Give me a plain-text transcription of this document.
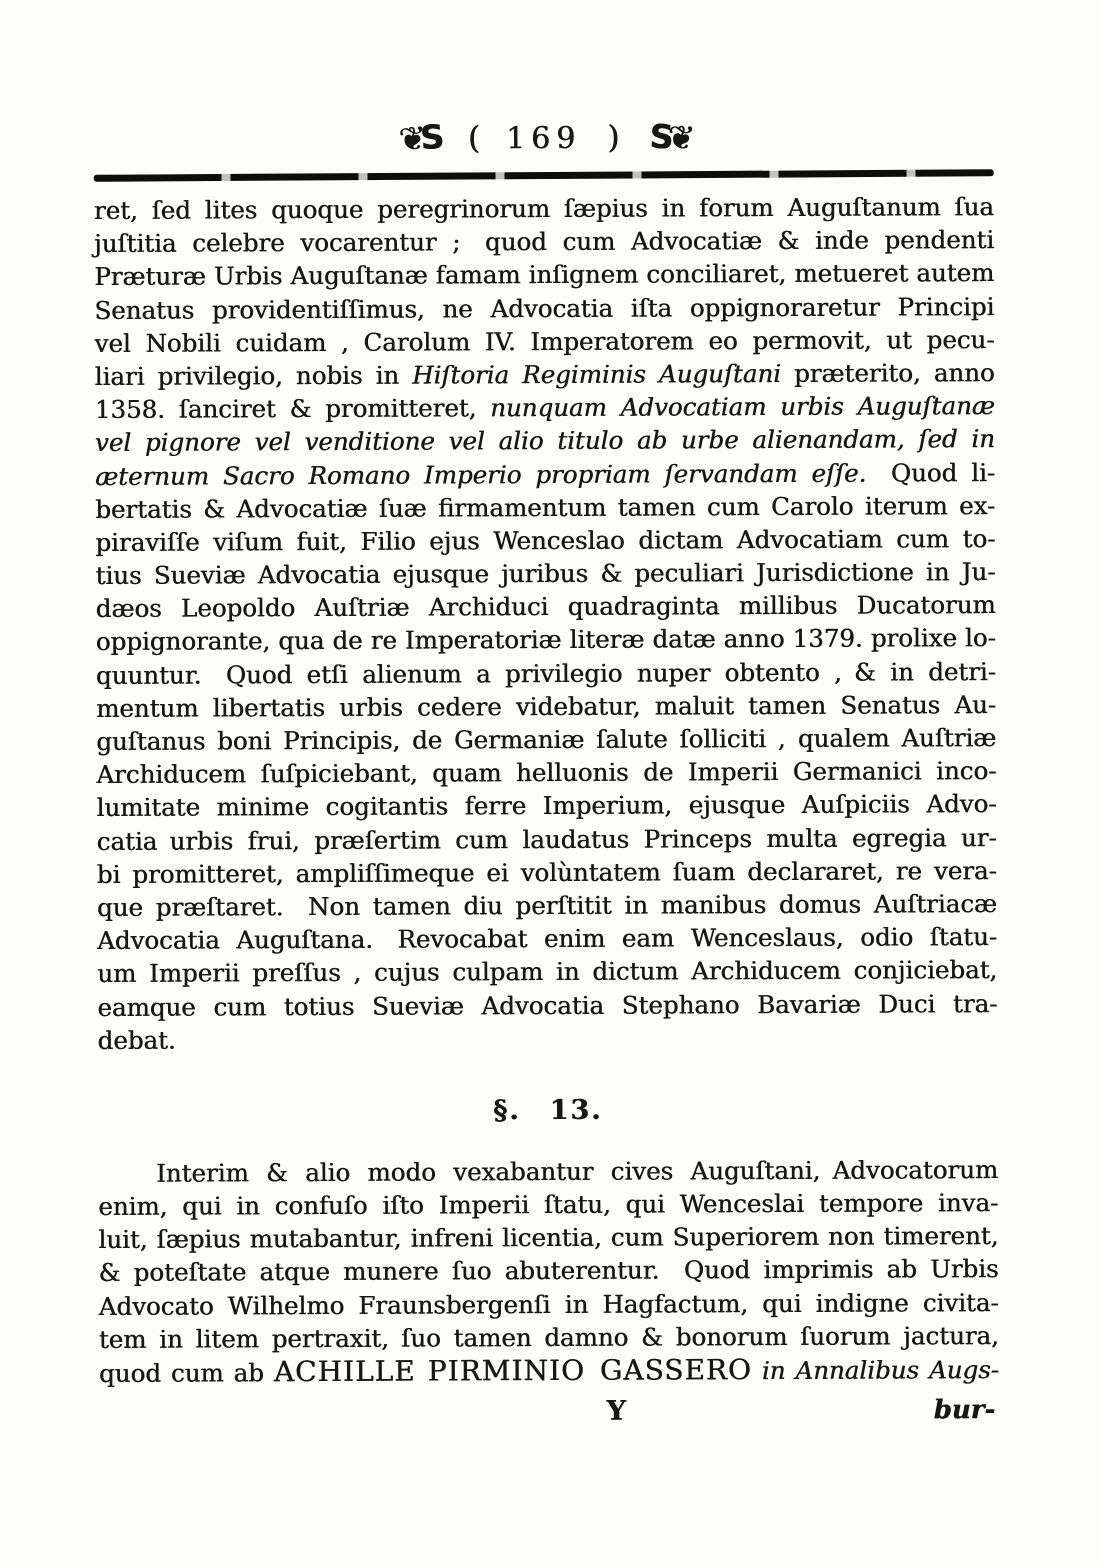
❦S ( 169 ) S❦
ret, ſed lites quoque peregrinorum ſæpius in forum Auguſtanum ſua
juſtitia celebre vocarentur ; quod cum Advocatiæ & inde pendenti
Præturæ Urbis Auguſtanæ famam inſignem conciliaret, metueret autem
Senatus providentiſſimus, ne Advocatia iſta oppignoraretur Principi
vel Nobili cuidam , Carolum IV. Imperatorem eo permovit, ut pecu-
liari privilegio, nobis in Hiſtoria Regiminis Auguſtani præterito, anno
1358. ſanciret & promitteret, nunquam Advocatiam urbis Auguſtanæ
vel pignore vel venditione vel alio titulo ab urbe alienandam, ſed in
æternum Sacro Romano Imperio propriam ſervandam eſſe. Quod li-
bertatis & Advocatiæ ſuæ firmamentum tamen cum Carolo iterum ex-
piraviſſe viſum fuit, Filio ejus Wenceslao dictam Advocatiam cum to-
tius Sueviæ Advocatia ejusque juribus & peculiari Jurisdictione in Ju-
dæos Leopoldo Auſtriæ Archiduci quadraginta millibus Ducatorum
oppignorante, qua de re Imperatoriæ literæ datæ anno 1379. prolixe lo-
quuntur. Quod etſi alienum a privilegio nuper obtento , & in detri-
mentum libertatis urbis cedere videbatur, maluit tamen Senatus Au-
guſtanus boni Principis, de Germaniæ ſalute ſolliciti , qualem Auſtriæ
Archiducem ſuſpiciebant, quam helluonis de Imperii Germanici inco-
lumitate minime cogitantis ferre Imperium, ejusque Auſpiciis Advo-
catia urbis frui, præſertim cum laudatus Princeps multa egregia ur-
bi promitteret, ampliſſimeque ei volùntatem ſuam declararet, re vera-
que præſtaret. Non tamen diu perſtitit in manibus domus Auſtriacæ
Advocatia Auguſtana. Revocabat enim eam Wenceslaus, odio ſtatu-
um Imperii preſſus , cujus culpam in dictum Archiducem conjiciebat,
eamque cum totius Sueviæ Advocatia Stephano Bavariæ Duci tra-
debat.
§. 13.
Interim & alio modo vexabantur cives Auguſtani, Advocatorum
enim, qui in confuſo iſto Imperii ſtatu, qui Wenceslai tempore inva-
luit, ſæpius mutabantur, infreni licentia, cum Superiorem non timerent,
& poteſtate atque munere ſuo abuterentur. Quod imprimis ab Urbis
Advocato Wilhelmo Fraunsbergenſi in Hagfactum, qui indigne civita-
tem in litem pertraxit, ſuo tamen damno & bonorum ſuorum jactura,
quod cum ab ACHILLE PIRMINIO GASSERO in Annalibus Augs-
Y	bur-
